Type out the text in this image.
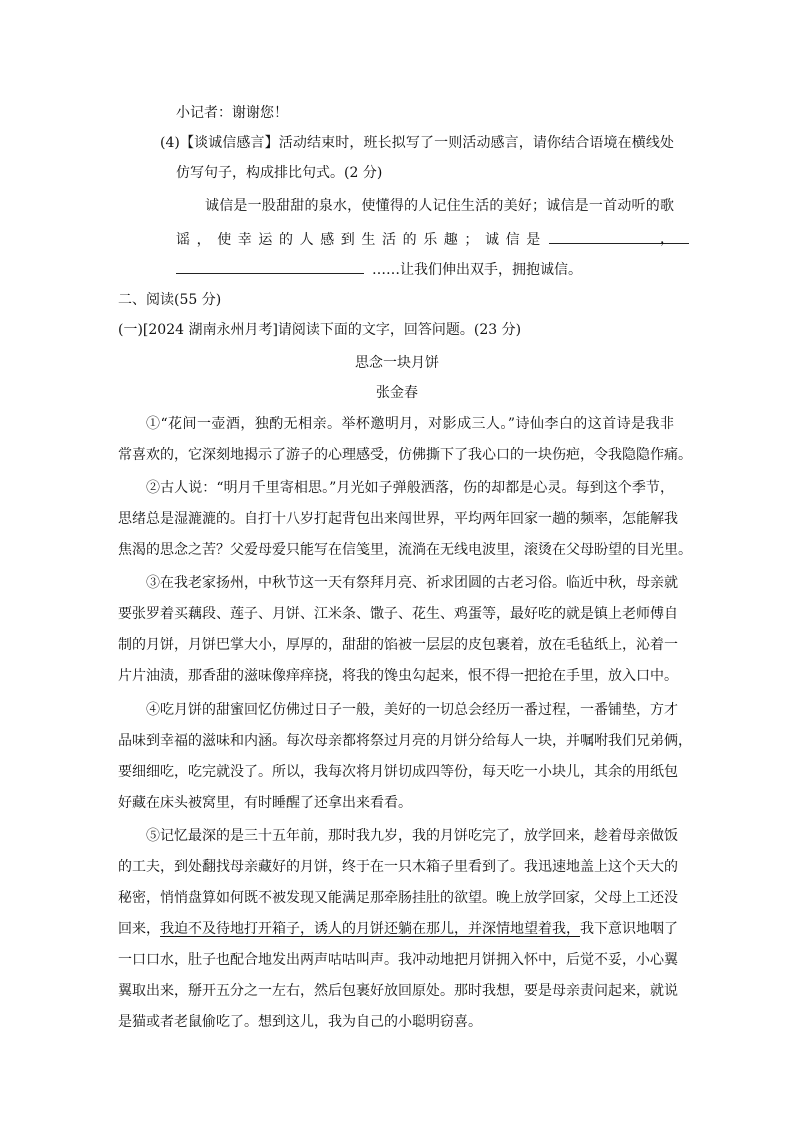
小记者：谢谢您！
(4)【谈诚信感言】活动结束时，班长拟写了一则活动感言，请你结合语境在横线处
仿写句子，构成排比句式。(2 分)
诚信是一股甜甜的泉水，使懂得的人记住生活的美好；诚信是一首动听的歌
谣，使幸运的人感到生活的乐趣；诚信是	，
……让我们伸出双手，拥抱诚信。
二、阅读(55 分)
(一)[2024 湖南永州月考]请阅读下面的文字，回答问题。(23 分)
思念一块月饼
张金春
①“花间一壶酒，独酌无相亲。举杯邀明月，对影成三人。”诗仙李白的这首诗是我非
常喜欢的，它深刻地揭示了游子的心理感受，仿佛撕下了我心口的一块伤疤，令我隐隐作痛。
②古人说：“明月千里寄相思。”月光如子弹般洒落，伤的却都是心灵。每到这个季节，
思绪总是湿漉漉的。自打十八岁打起背包出来闯世界，平均两年回家一趟的频率，怎能解我
焦渴的思念之苦？父爱母爱只能写在信笺里，流淌在无线电波里，滚烫在父母盼望的目光里。
③在我老家扬州，中秋节这一天有祭拜月亮、祈求团圆的古老习俗。临近中秋，母亲就
要张罗着买藕段、莲子、月饼、江米条、馓子、花生、鸡蛋等，最好吃的就是镇上老师傅自
制的月饼，月饼巴掌大小，厚厚的，甜甜的馅被一层层的皮包裹着，放在毛毡纸上，沁着一
片片油渍，那香甜的滋味像痒痒挠，将我的馋虫勾起来，恨不得一把抢在手里，放入口中。
④吃月饼的甜蜜回忆仿佛过日子一般，美好的一切总会经历一番过程，一番铺垫，方才
品味到幸福的滋味和内涵。每次母亲都将祭过月亮的月饼分给每人一块，并嘱咐我们兄弟俩，
要细细吃，吃完就没了。所以，我每次将月饼切成四等份，每天吃一小块儿，其余的用纸包
好藏在床头被窝里，有时睡醒了还拿出来看看。
⑤记忆最深的是三十五年前，那时我九岁，我的月饼吃完了，放学回来，趁着母亲做饭
的工夫，到处翻找母亲藏好的月饼，终于在一只木箱子里看到了。我迅速地盖上这个天大的
秘密，悄悄盘算如何既不被发现又能满足那牵肠挂肚的欲望。晚上放学回家，父母上工还没
回来，我迫不及待地打开箱子，诱人的月饼还躺在那儿，并深情地望着我，我下意识地咽了
一口口水，肚子也配合地发出两声咕咕叫声。我冲动地把月饼拥入怀中，后觉不妥，小心翼
翼取出来，掰开五分之一左右，然后包裹好放回原处。那时我想，要是母亲责问起来，就说
是猫或者老鼠偷吃了。想到这儿，我为自己的小聪明窃喜。
